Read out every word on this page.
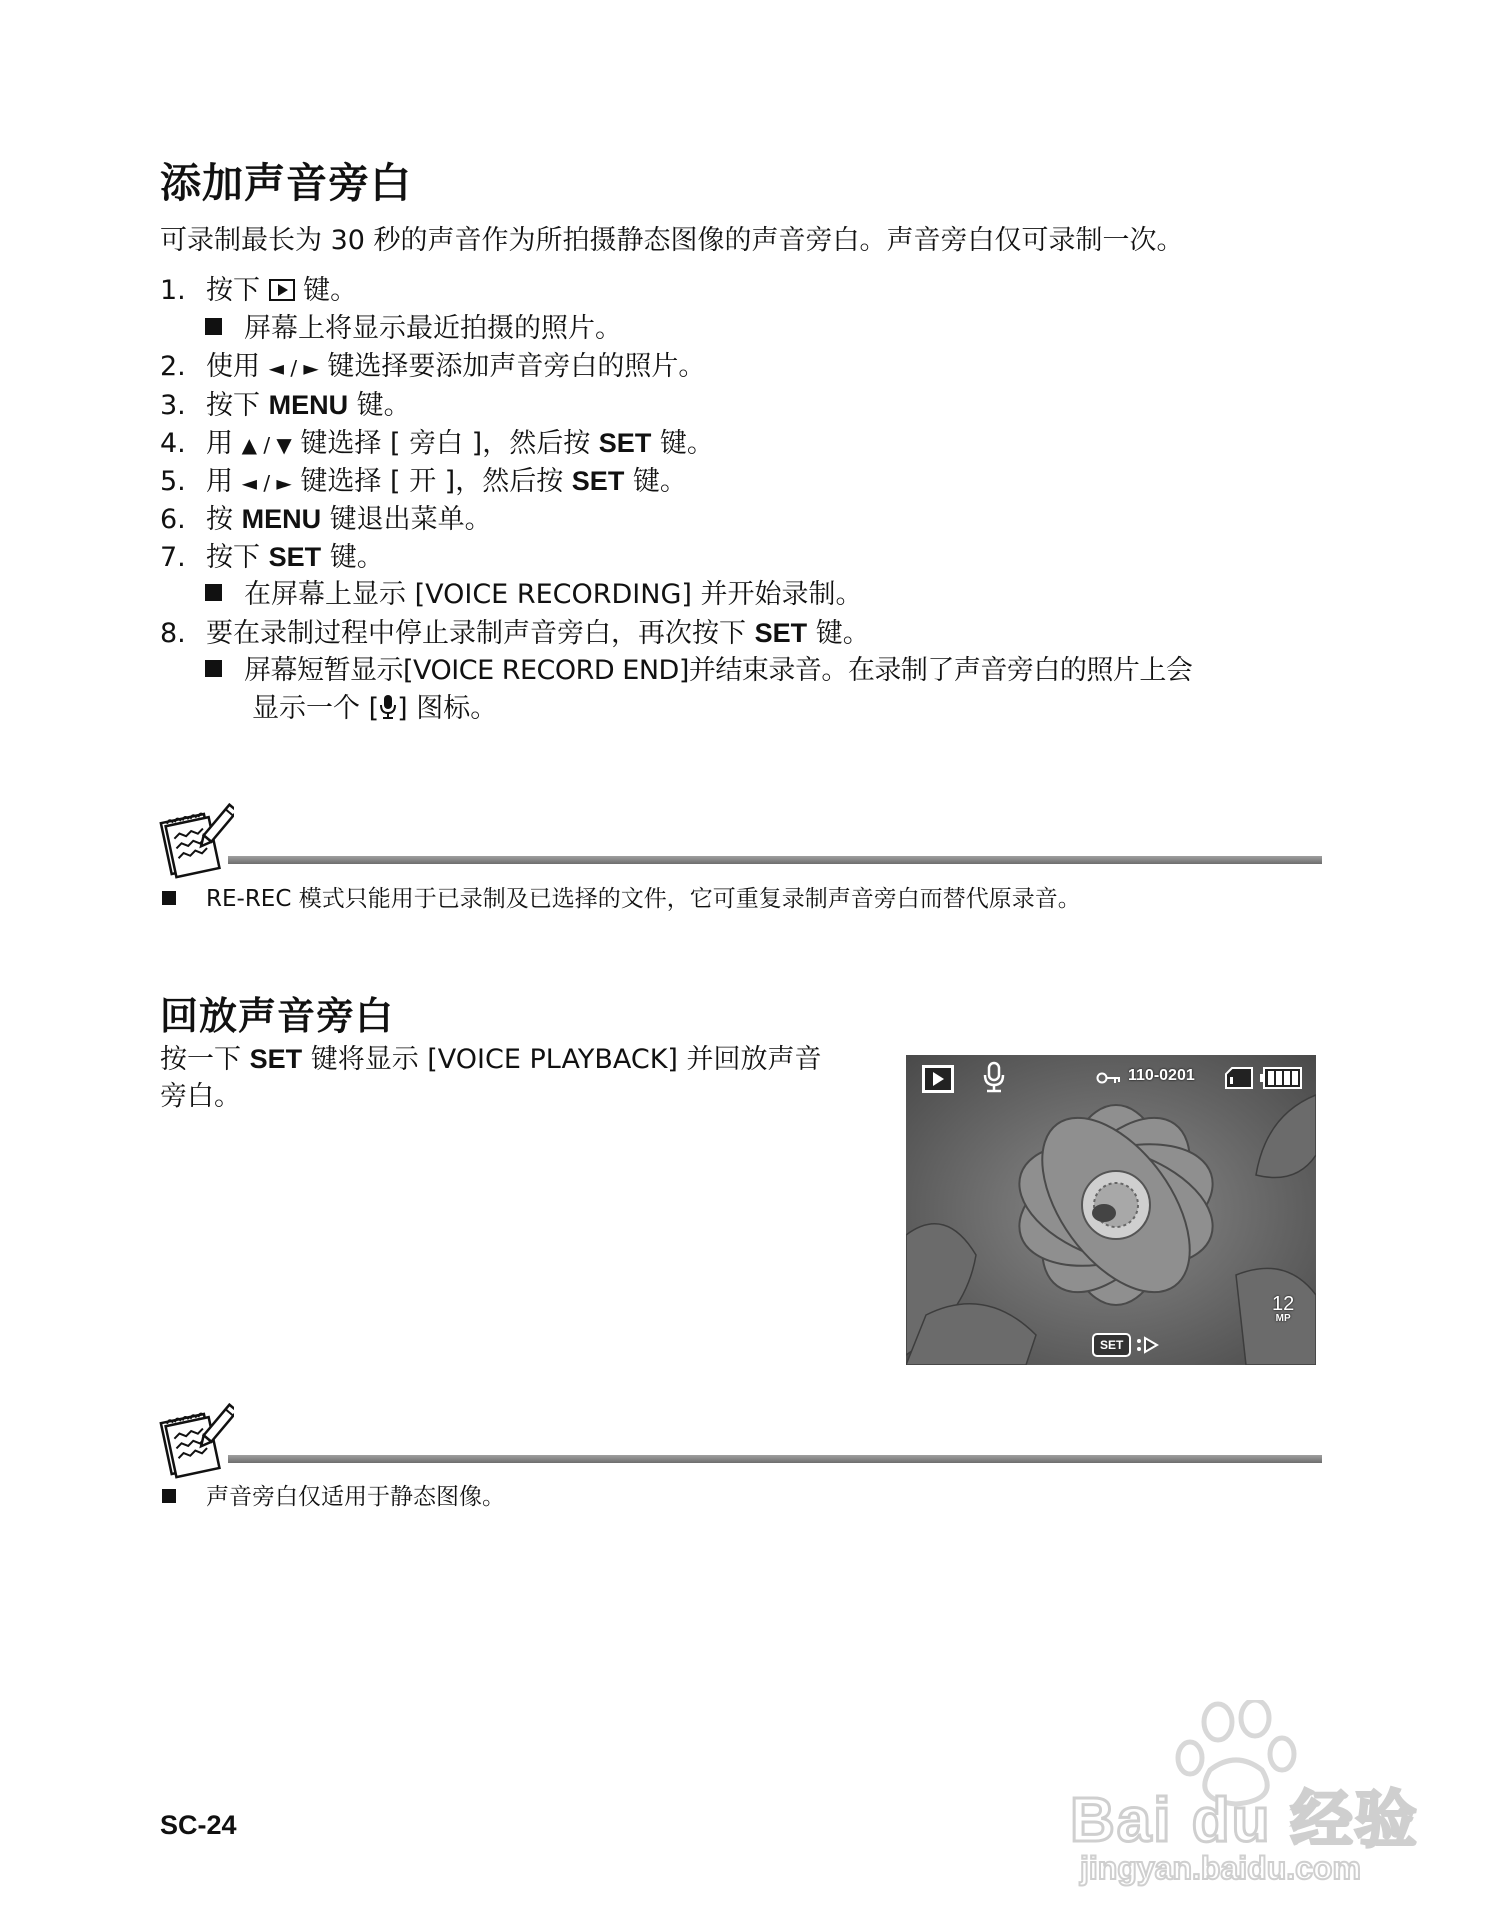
添加声音旁白
可录制最长为 30 秒的声音作为所拍摄静态图像的声音旁白。声音旁白仅可录制一次。
1. 按下  键。
屏幕上将显示最近拍摄的照片。
2. 使用 ◄ / ► 键选择要添加声音旁白的照片。
3. 按下 MENU 键。
4. 用 ▲ / ▼ 键选择 [ 旁白 ]，然后按 SET 键。
5. 用 ◄ / ► 键选择 [ 开 ]，然后按 SET 键。
6. 按 MENU 键退出菜单。
7. 按下 SET 键。
在屏幕上显示 [VOICE RECORDING] 并开始录制。
8. 要在录制过程中停止录制声音旁白，再次按下 SET 键。
屏幕短暂显示[VOICE RECORD END]并结束录音。在录制了声音旁白的照片上会
显示一个 [ ] 图标。
RE-REC 模式只能用于已录制及已选择的文件，它可重复录制声音旁白而替代原录音。
回放声音旁白
按一下 SET 键将显示 [VOICE PLAYBACK] 并回放声音
旁白。
110-0201
12
MP
SET
声音旁白仅适用于静态图像。
SC-24	Bai du 经验
jingyan.baidu.com
